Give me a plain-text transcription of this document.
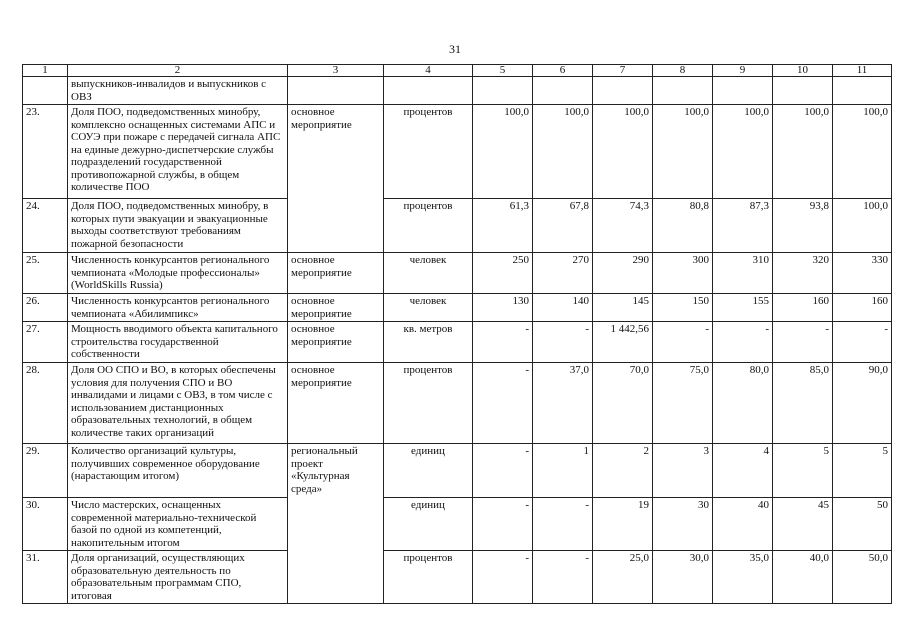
31
1	2	3	4	5	6	7	8	9	10	11
	выпускников-инвалидов и выпускников с ОВЗ									
23.	Доля ПОО, подведомственных минобру, комплексно оснащенных системами АПС и СОУЭ при пожаре с передачей сигнала АПС на единые дежурно-диспетчерские службы подразделений государственной противопожарной службы, в общем количестве ПОО	основное мероприятие	процентов	100,0	100,0	100,0	100,0	100,0	100,0	100,0
24.	Доля ПОО, подведомственных минобру, в которых пути эвакуации и эвакуационные выходы соответствуют требованиям пожарной безопасности		процентов	61,3	67,8	74,3	80,8	87,3	93,8	100,0
25.	Численность конкурсантов регионального чемпионата «Молодые профессионалы» (WorldSkills Russia)	основное мероприятие	человек	250	270	290	300	310	320	330
26.	Численность конкурсантов регионального чемпионата «Абилимпикс»	основное мероприятие	человек	130	140	145	150	155	160	160
27.	Мощность вводимого объекта капитального строительства государственной собственности	основное мероприятие	кв. метров	-	-	1 442,56	-	-	-	-
28.	Доля ОО СПО и ВО, в которых обеспечены условия для получения СПО и ВО инвалидами и лицами с ОВЗ, в том числе с использованием дистанционных образовательных технологий, в общем количестве таких организаций	основное мероприятие	процентов	-	37,0	70,0	75,0	80,0	85,0	90,0
29.	Количество организаций культуры, получивших современное оборудование (нарастающим итогом)	региональный проект «Культурная среда»	единиц	-	1	2	3	4	5	5
30.	Число мастерских, оснащенных современной материально-технической базой по одной из компетенций, накопительным итогом		единиц	-	-	19	30	40	45	50
31.	Доля организаций, осуществляющих образовательную деятельность по образовательным программам СПО, итоговая		процентов	-	-	25,0	30,0	35,0	40,0	50,0
